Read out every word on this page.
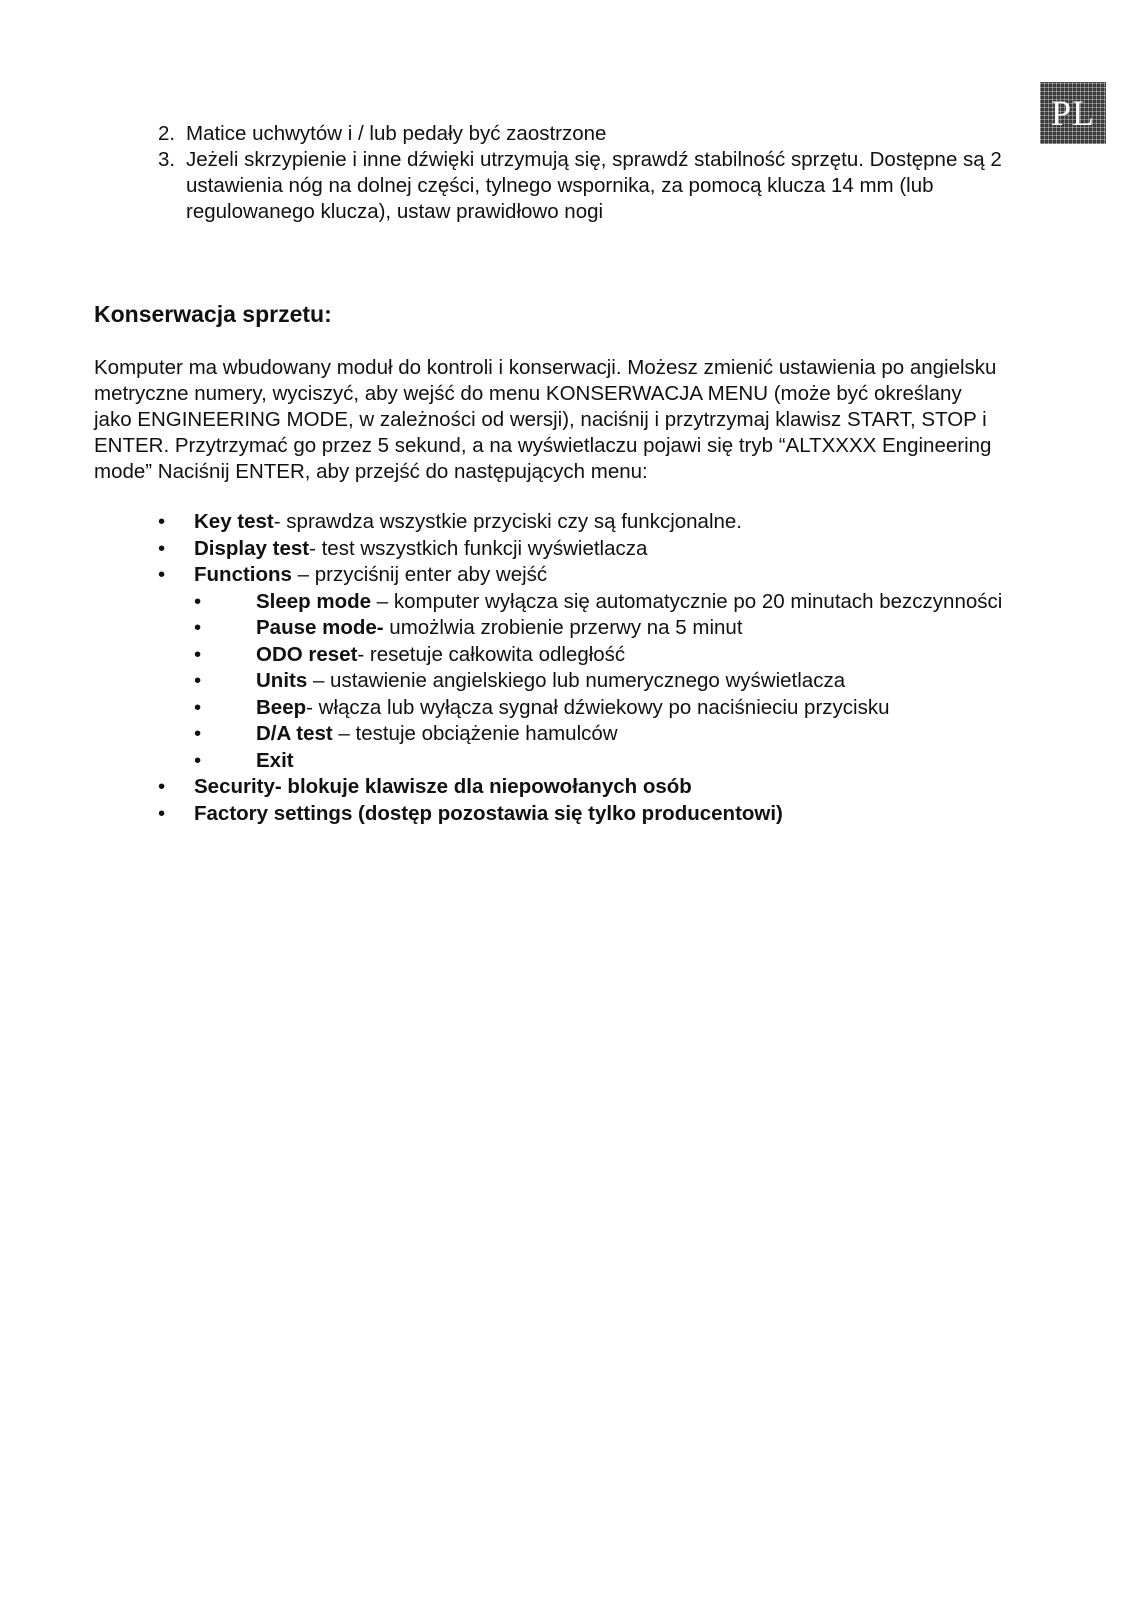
PL
2. Matice uchwytów i / lub pedały być zaostrzone
3. Jeżeli skrzypienie i inne dźwięki utrzymują się, sprawdź stabilność sprzętu. Dostępne są 2
ustawienia nóg na dolnej części, tylnego wspornika, za pomocą klucza 14 mm (lub
regulowanego klucza), ustaw prawidłowo nogi
Konserwacja sprzetu:
Komputer ma wbudowany moduł do kontroli i konserwacji. Możesz zmienić ustawienia po angielsku
metryczne numery, wyciszyć, aby wejść do menu KONSERWACJA MENU (może być określany
jako ENGINEERING MODE, w zależności od wersji), naciśnij i przytrzymaj klawisz START, STOP i
ENTER. Przytrzymać go przez 5 sekund, a na wyświetlaczu pojawi się tryb “ALTXXXX Engineering
mode” Naciśnij ENTER, aby przejść do następujących menu:
• Key test- sprawdza wszystkie przyciski czy są funkcjonalne.
• Display test- test wszystkich funkcji wyświetlacza
• Functions – przyciśnij enter aby wejść
•	Sleep mode – komputer wyłącza się automatycznie po 20 minutach bezczynności
•	Pause mode- umożlwia zrobienie przerwy na 5 minut
•	ODO reset- resetuje całkowita odległość
•	Units – ustawienie angielskiego lub numerycznego wyświetlacza
•	Beep- włącza lub wyłącza sygnał dźwiekowy po naciśnieciu przycisku
•	D/A test – testuje obciążenie hamulców
•	Exit
• Security- blokuje klawisze dla niepowołanych osób
• Factory settings (dostęp pozostawia się tylko producentowi)
